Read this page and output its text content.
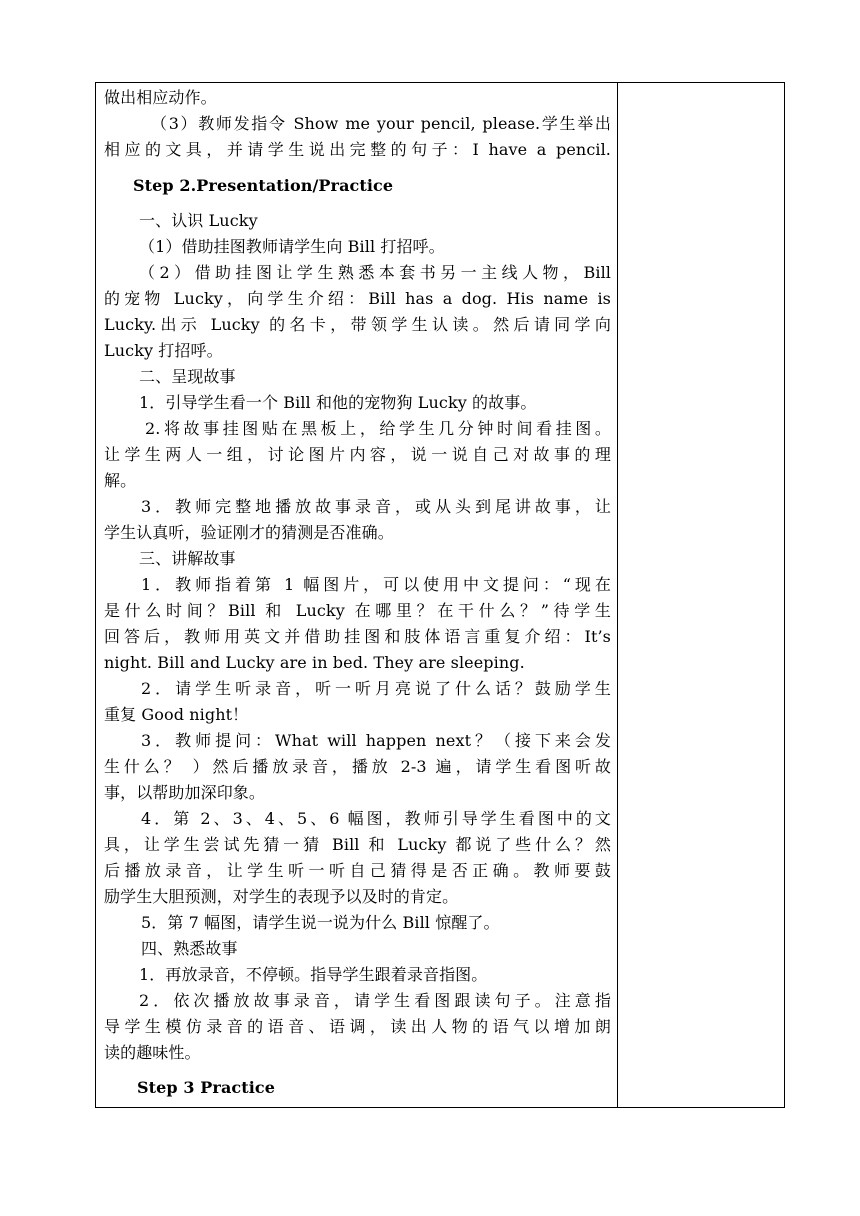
做出相应动作。
（3）教师发指令 Show me your pencil, please.学生举出
相应的文具，并请学生说出完整的句子：I have a pencil.
Step 2.Presentation/Practice
一、认识 Lucky
（1）借助挂图教师请学生向 Bill 打招呼。
（2）借助挂图让学生熟悉本套书另一主线人物，Bill
的宠物 Lucky，向学生介绍：Bill has a dog. His name is
Lucky.出示 Lucky 的名卡，带领学生认读。然后请同学向
Lucky 打招呼。
二、呈现故事
1．引导学生看一个 Bill 和他的宠物狗 Lucky 的故事。
2.将故事挂图贴在黑板上，给学生几分钟时间看挂图。
让学生两人一组，讨论图片内容，说一说自己对故事的理
解。
3．教师完整地播放故事录音，或从头到尾讲故事，让
学生认真听，验证刚才的猜测是否准确。
三、讲解故事
1．教师指着第 1 幅图片，可以使用中文提问：“现在
是什么时间？Bill 和 Lucky 在哪里？在干什么？”待学生
回答后，教师用英文并借助挂图和肢体语言重复介绍：It’s
night. Bill and Lucky are in bed. They are sleeping.
2．请学生听录音，听一听月亮说了什么话？鼓励学生
重复 Good night！
3．教师提问：What will happen next？（接下来会发
生什么？ ）然后播放录音，播放 2-3 遍，请学生看图听故
事，以帮助加深印象。
4．第 2、3、4、5、6 幅图，教师引导学生看图中的文
具，让学生尝试先猜一猜 Bill 和 Lucky 都说了些什么？然
后播放录音，让学生听一听自己猜得是否正确。教师要鼓
励学生大胆预测，对学生的表现予以及时的肯定。
5．第 7 幅图，请学生说一说为什么 Bill 惊醒了。
四、熟悉故事
1．再放录音，不停顿。指导学生跟着录音指图。
2．依次播放故事录音，请学生看图跟读句子。注意指
导学生模仿录音的语音、语调，读出人物的语气以增加朗
读的趣味性。
Step 3 Practice
